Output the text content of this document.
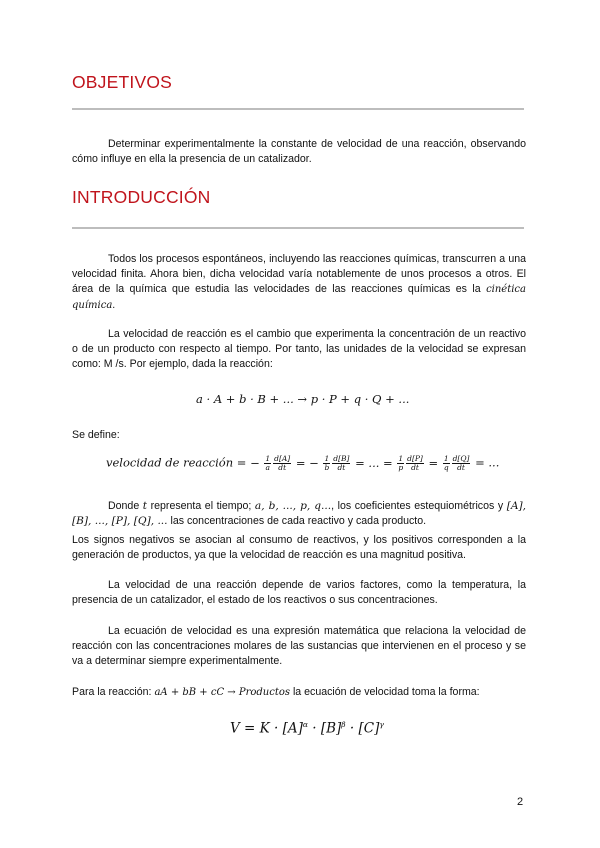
OBJETIVOS

Determinar experimentalmente la constante de velocidad de una reacción, observando cómo influye en ella la presencia de un catalizador.

INTRODUCCIÓN

Todos los procesos espontáneos, incluyendo las reacciones químicas, transcurren a una velocidad finita. Ahora bien, dicha velocidad varía notablemente de unos procesos a otros. El área de la química que estudia las velocidades de las reacciones químicas es la cinética química.

La velocidad de reacción es el cambio que experimenta la concentración de un reactivo o de un producto con respecto al tiempo. Por tanto, las unidades de la velocidad se expresan como: M /s. Por ejemplo, dada la reacción:

a · A + b · B + ... → p · P + q · Q + ...

Se define:

velocidad de reacción = − $\frac{1}{a} \frac{d[A]}{dt}$ = − $\frac{1}{b} \frac{d[B]}{dt}$ = ... = $\frac{1}{p} \frac{d[P]}{dt} = \frac{1}{q} \frac{d[Q]}{dt}$ = ...

Donde t representa el tiempo; a, b, ..., p, q..., los coeficientes estequiométricos y [A], [B], ..., [P], [Q], ... las concentraciones de cada reactivo y cada producto.

Los signos negativos se asocian al consumo de reactivos, y los positivos corresponden a la generación de productos, ya que la velocidad de reacción es una magnitud positiva.

La velocidad de una reacción depende de varios factores, como la temperatura, la presencia de un catalizador, el estado de los reactivos o sus concentraciones.

La ecuación de velocidad es una expresión matemática que relaciona la velocidad de reacción con las concentraciones molares de las sustancias que intervienen en el proceso y se va a determinar siempre experimentalmente.

Para la reacción: aA + bB + cC → Productos la ecuación de velocidad toma la forma:

$V = K \cdot [A]^\alpha \cdot [B]^\beta \cdot [C]^\gamma$
2
